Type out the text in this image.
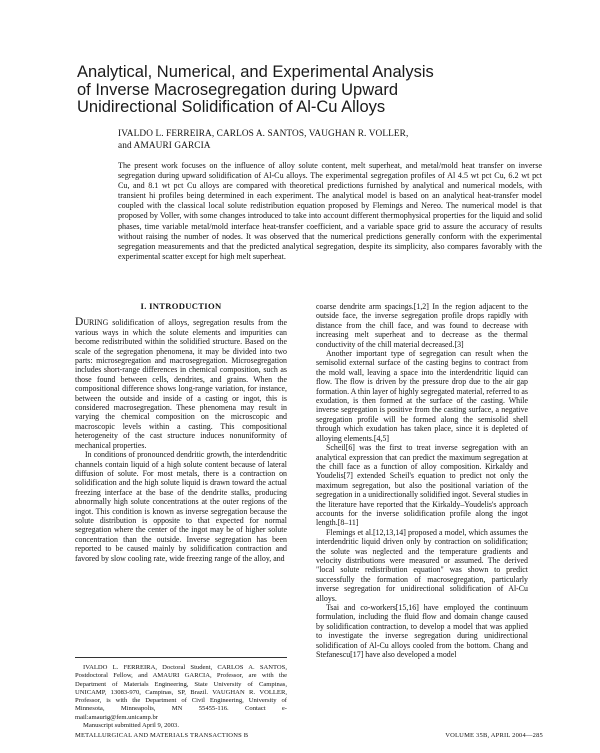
Analytical, Numerical, and Experimental Analysis
of Inverse Macrosegregation during Upward
Unidirectional Solidification of Al-Cu Alloys
IVALDO L. FERREIRA, CARLOS A. SANTOS, VAUGHAN R. VOLLER,
and AMAURI GARCIA
The present work focuses on the influence of alloy solute content, melt superheat, and metal/mold heat transfer on inverse segregation during upward solidification of Al-Cu alloys. The experimental segregation profiles of Al 4.5 wt pct Cu, 6.2 wt pct Cu, and 8.1 wt pct Cu alloys are compared with theoretical predictions furnished by analytical and numerical models, with transient hi profiles being determined in each experiment. The analytical model is based on an analytical heat-transfer model coupled with the classical local solute redistribution equation proposed by Flemings and Nereo. The numerical model is that proposed by Voller, with some changes introduced to take into account different thermophysical properties for the liquid and solid phases, time variable metal/mold interface heat-transfer coefficient, and a variable space grid to assure the accuracy of results without raising the number of nodes. It was observed that the numerical predictions generally conform with the experimental segregation measurements and that the predicted analytical segregation, despite its simplicity, also compares favorably with the experimental scatter except for high melt superheat.
I. INTRODUCTION

DURING solidification of alloys, segregation results from the various ways in which the solute elements and impurities can become redistributed within the solidified structure. Based on the scale of the segregation phenomena, it may be divided into two parts: microsegregation and macrosegregation. Microsegregation includes short-range differences in chemical composition, such as those found between cells, dendrites, and grains. When the compositional difference shows long-range variation, for instance, between the outside and inside of a casting or ingot, this is considered macrosegregation. These phenomena may result in varying the chemical composition on the microscopic and macroscopic levels within a casting. This compositional heterogeneity of the cast structure induces nonuniformity of mechanical properties.

In conditions of pronounced dendritic growth, the interdendritic channels contain liquid of a high solute content because of lateral diffusion of solute. For most metals, there is a contraction on solidification and the high solute liquid is drawn toward the actual freezing interface at the base of the dendrite stalks, producing abnormally high solute concentrations at the outer regions of the ingot. This condition is known as inverse segregation because the solute distribution is opposite to that expected for normal segregation where the center of the ingot may be of higher solute concentration than the outside. Inverse segregation has been reported to be caused mainly by solidification contraction and favored by slow cooling rate, wide freezing range of the alloy, and

coarse dendrite arm spacings.[1,2] In the region adjacent to the outside face, the inverse segregation profile drops rapidly with distance from the chill face, and was found to decrease with increasing melt superheat and to decrease as the thermal conductivity of the chill material decreased.[3]

Another important type of segregation can result when the semisolid external surface of the casting begins to contract from the mold wall, leaving a space into the interdendritic liquid can flow. The flow is driven by the pressure drop due to the air gap formation. A thin layer of highly segregated material, referred to as exudation, is then formed at the surface of the casting. While inverse segregation is positive from the casting surface, a negative segregation profile will be formed along the semisolid shell through which exudation has taken place, since it is depleted of alloying elements.[4,5]

Scheil[6] was the first to treat inverse segregation with an analytical expression that can predict the maximum segregation at the chill face as a function of alloy composition. Kirkaldy and Youdelis[7] extended Scheil's equation to predict not only the maximum segregation, but also the positional variation of the segregation in a unidirectionally solidified ingot. Several studies in the literature have reported that the Kirkaldy–Youdelis's approach accounts for the inverse solidification profile along the ingot length.[8–11]

Flemings et al.[12,13,14] proposed a model, which assumes the interdendritic liquid driven only by contraction on solidification; the solute was neglected and the temperature gradients and velocity distributions were measured or assumed. The derived "local solute redistribution equation" was shown to predict successfully the formation of macrosegregation, particularly inverse segregation for unidirectional solidification of Al-Cu alloys.

Tsai and co-workers[15,16] have employed the continuum formulation, including the fluid flow and domain change caused by solidification contraction, to develop a model that was applied to investigate the inverse segregation during unidirectional solidification of Al-Cu alloys cooled from the bottom. Chang and Stefanescu[17] have also developed a model

IVALDO L. FERREIRA, Doctoral Student, CARLOS A. SANTOS, Postdoctoral Fellow, and AMAURI GARCIA, Professor, are with the Department of Materials Engineering, State University of Campinas, UNICAMP, 13083-970, Campinas, SP, Brazil. VAUGHAN R. VOLLER, Professor, is with the Department of Civil Engineering, University of Minnesota, Minneapolis, MN 55455-116. Contact e-mail:amaurig@fem.unicamp.br

Manuscript submitted April 9, 2003.

METALLURGICAL AND MATERIALS TRANSACTIONS B	VOLUME 35B, APRIL 2004—285
